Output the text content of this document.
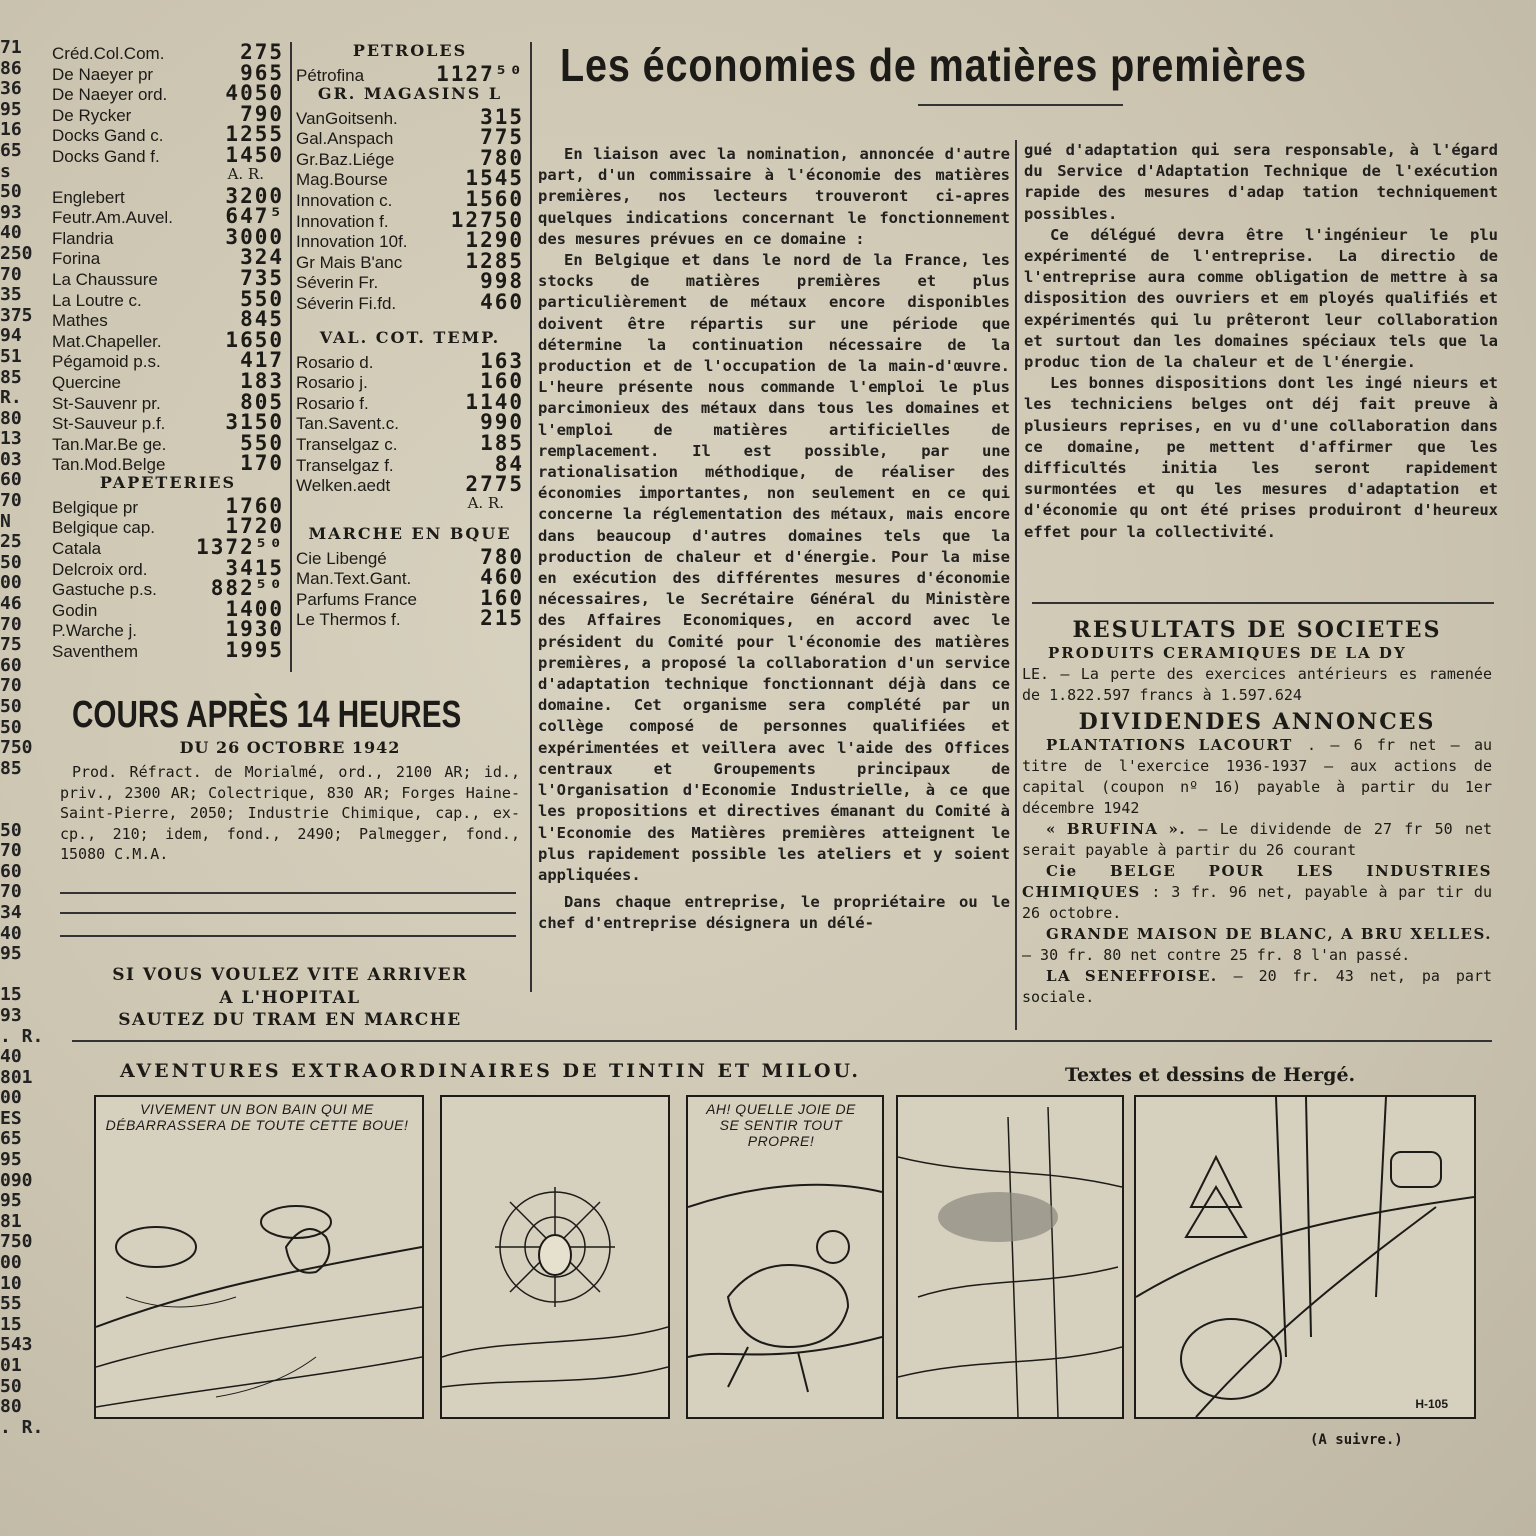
71
86
36
95
16
65
s
50
93
40
250
70
35
375
94
51
85
R.
80
13
03
60
70
N
25
50
00
46
70
75
60
70
50
50
750
85
50
70
60
70
34
40
95
15
93
. R.
40
801
00
ES
65
95
090
95
81
750
00
10
55
15
543
01
50
80
. R.
Créd.Col.Com.	275
De Naeyer pr	965
De Naeyer ord.	4050
De Rycker	790
Docks Gand c.	1255
Docks Gand f.	1450
A. R.
Englebert	3200
Feutr.Am.Auvel. 647⁵
Flandria	3000
Forina	324
La Chaussure	735
La Loutre c.	550
Mathes	845
Mat.Chapeller.	1650
Pégamoid p.s.	417
Quercine	183
St-Sauvenr pr.	805
St-Sauveur p.f.	3150
Tan.Mar.Be ge.	550
Tan.Mod.Belge	170
PAPETERIES
Belgique pr	1760
Belgique cap.	1720
Catala	1372⁵⁰
Delcroix ord.	3415
Gastuche p.s.	882⁵⁰
Godin	1400
P.Warche j.	1930
Saventhem	1995
PETROLES
Pétrofina	1127⁵⁰
GR. MAGASINS L
VanGoitsenh.	315
Gal.Anspach	775
Gr.Baz.Liége	780
Mag.Bourse	1545
Innovation c.	1560
Innovation f.	12750
Innovation 10f.	1290
Gr Mais B'anc	1285
Séverin Fr.	998
Séverin Fi.fd.	460
VAL. COT. TEMP.
Rosario d.	163
Rosario j.	160
Rosario f.	1140
Tan.Savent.c.	990
Transelgaz c.	185
Transelgaz f.	84
Welken.aedt	2775
A. R.
MARCHE EN BQUE
Cie Libengé	780
Man.Text.Gant.	460
Parfums France	160
Le Thermos f.	215
COURS APRÈS 14 HEURES
DU 26 OCTOBRE 1942

Prod. Réfract. de Morialmé, ord., 2100 AR; id., priv., 2300 AR; Colectrique, 830 AR; Forges Haine-Saint-Pierre, 2050; Industrie Chimique, cap., ex-cp., 210; idem, fond., 2490; Palmegger, fond., 15080 C.M.A.

SI VOUS VOULEZ VITE ARRIVER
A L'HOPITAL
SAUTEZ DU TRAM EN MARCHE
Les économies de matières premières

En liaison avec la nomination, annoncée d'autre part, d'un commissaire à l'économie des matières premières, nos lecteurs trouveront ci-apres quelques indications concernant le fonctionnement des mesures prévues en ce domaine :

En Belgique et dans le nord de la France, les stocks de matières premières et plus particulièrement de métaux encore disponibles doivent être répartis sur une période que détermine la continuation nécessaire de la production et de l'occupation de la main-d'œuvre. L'heure présente nous commande l'emploi le plus parcimonieux des métaux dans tous les domaines et l'emploi de matières artificielles de remplacement. Il est possible, par une rationalisation méthodique, de réaliser des économies importantes, non seulement en ce qui concerne la réglementation des métaux, mais encore dans beaucoup d'autres domaines tels que la production de chaleur et d'énergie. Pour la mise en exécution des différentes mesures d'économie nécessaires, le Secrétaire Général du Ministère des Affaires Economiques, en accord avec le président du Comité pour l'économie des matières premières, a proposé la collaboration d'un service d'adaptation technique fonctionnant déjà dans ce domaine. Cet organisme sera complété par un collège composé de personnes qualifiées et expérimentées et veillera avec l'aide des Offices centraux et Groupements principaux de l'Organisation d'Economie Industrielle, à ce que les propositions et directives émanant du Comité à l'Economie des Matières premières atteignent le plus rapidement possible les ateliers et y soient appliquées.

Dans chaque entreprise, le propriétaire ou le chef d'entreprise désignera un délé-

gué d'adaptation qui sera responsable, à l'égard du Service d'Adaptation Technique de l'exécution rapide des mesures d'adap tation techniquement possibles.

Ce délégué devra être l'ingénieur le plu expérimenté de l'entreprise. La directio de l'entreprise aura comme obligation de mettre à sa disposition des ouvriers et em ployés qualifiés et expérimentés qui lu prêteront leur collaboration et surtout dan les domaines spéciaux tels que la produc tion de la chaleur et de l'énergie.

Les bonnes dispositions dont les ingé nieurs et les techniciens belges ont déj fait preuve à plusieurs reprises, en vu d'une collaboration dans ce domaine, pe mettent d'affirmer que les difficultés initia les seront rapidement surmontées et qu les mesures d'adaptation et d'économie qu ont été prises produiront d'heureux effet pour la collectivité.

RESULTATS DE SOCIETES
PRODUITS CERAMIQUES DE LA DY

LE. — La perte des exercices antérieurs es ramenée de 1.822.597 francs à 1.597.624

DIVIDENDES ANNONCES

PLANTATIONS LACOURT . — 6 fr net — au titre de l'exercice 1936-1937 — aux actions de capital (coupon nº 16) payable à partir du 1er décembre 1942

« BRUFINA ». — Le dividende de 27 fr 50 net serait payable à partir du 26 courant

Cie BELGE POUR LES INDUSTRIES CHIMIQUES : 3 fr. 96 net, payable à par tir du 26 octobre.

GRANDE MAISON DE BLANC, A BRU XELLES. — 30 fr. 80 net contre 25 fr. 8 l'an passé.

LA SENEFFOISE. — 20 fr. 43 net, pa part sociale.

AVENTURES EXTRAORDINAIRES DE TINTIN ET MILOU.	Textes et dessins de Hergé.
VIVEMENT UN BON BAIN QUI ME DÉBARRASSERA DE TOUTE CETTE BOUE!
AH! QUELLE JOIE DE SE SENTIR TOUT PROPRE!
H-105
(A suivre.)
